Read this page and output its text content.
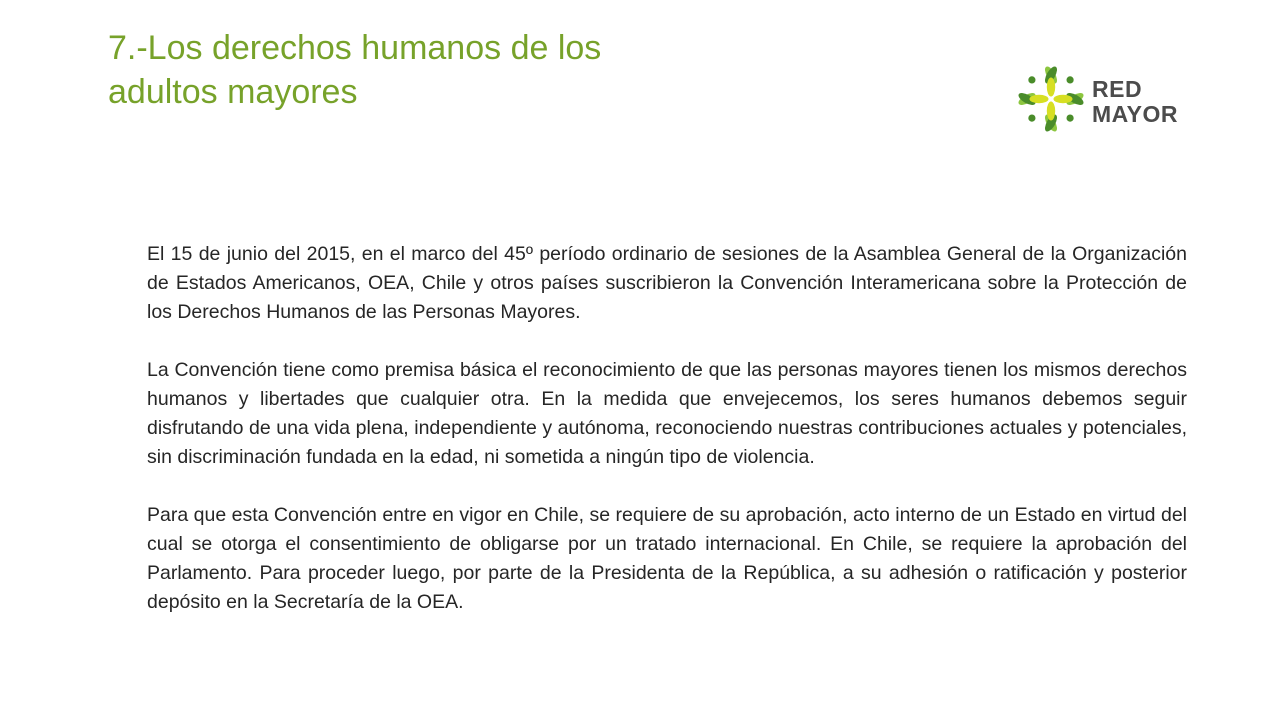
7.-Los derechos humanos de los
adultos mayores	RED
MAYOR

El 15 de junio del 2015, en el marco del 45º período ordinario de sesiones de la Asamblea General de la Organización de Estados Americanos, OEA, Chile y otros países suscribieron la Convención Interamericana sobre la Protección de los Derechos Humanos de las Personas Mayores.

La Convención tiene como premisa básica el reconocimiento de que las personas mayores tienen los mismos derechos humanos y libertades que cualquier otra. En la medida que envejecemos, los seres humanos debemos seguir disfrutando de una vida plena, independiente y autónoma, reconociendo nuestras contribuciones actuales y potenciales, sin discriminación fundada en la edad, ni sometida a ningún tipo de violencia.

Para que esta Convención entre en vigor en Chile, se requiere de su aprobación, acto interno de un Estado en virtud del cual se otorga el consentimiento de obligarse por un tratado internacional. En Chile, se requiere la aprobación del Parlamento. Para proceder luego, por parte de la Presidenta de la República, a su adhesión o ratificación y posterior depósito en la Secretaría de la OEA.
